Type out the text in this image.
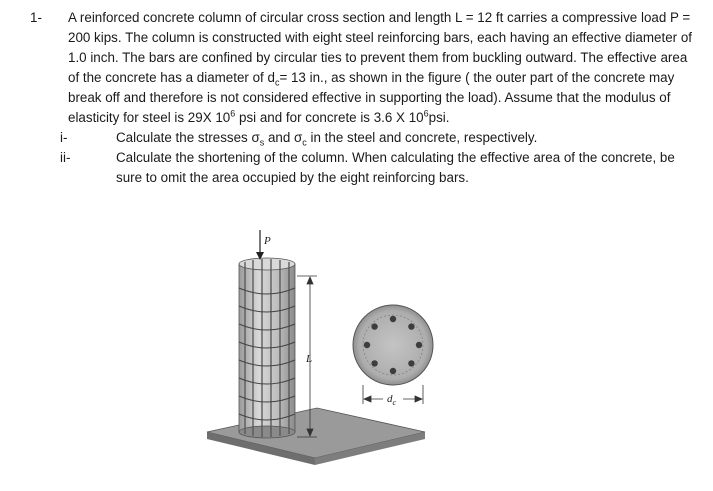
1- A reinforced concrete column of circular cross section and length L = 12 ft carries a compressive load P = 200 kips. The column is constructed with eight steel reinforcing bars, each having an effective diameter of 1.0 inch. The bars are confined by circular ties to prevent them from buckling outward. The effective area of the concrete has a diameter of $d_c= 13$ in., as shown in the figure ( the outer part of the concrete may break off and therefore is not considered effective in supporting the load). Assume that the modulus of elasticity for steel is 29X $10^6$ psi and for concrete is 3.6 X $10^6psi$.
i-	Calculate the stresses $\sigma_s$ and $\sigma_c$ in the steel and concrete, respectively.
ii-	Calculate the shortening of the column. When calculating the effective area of the concrete, be sure to omit the area occupied by the eight reinforcing bars.
P
L
$d_c$
